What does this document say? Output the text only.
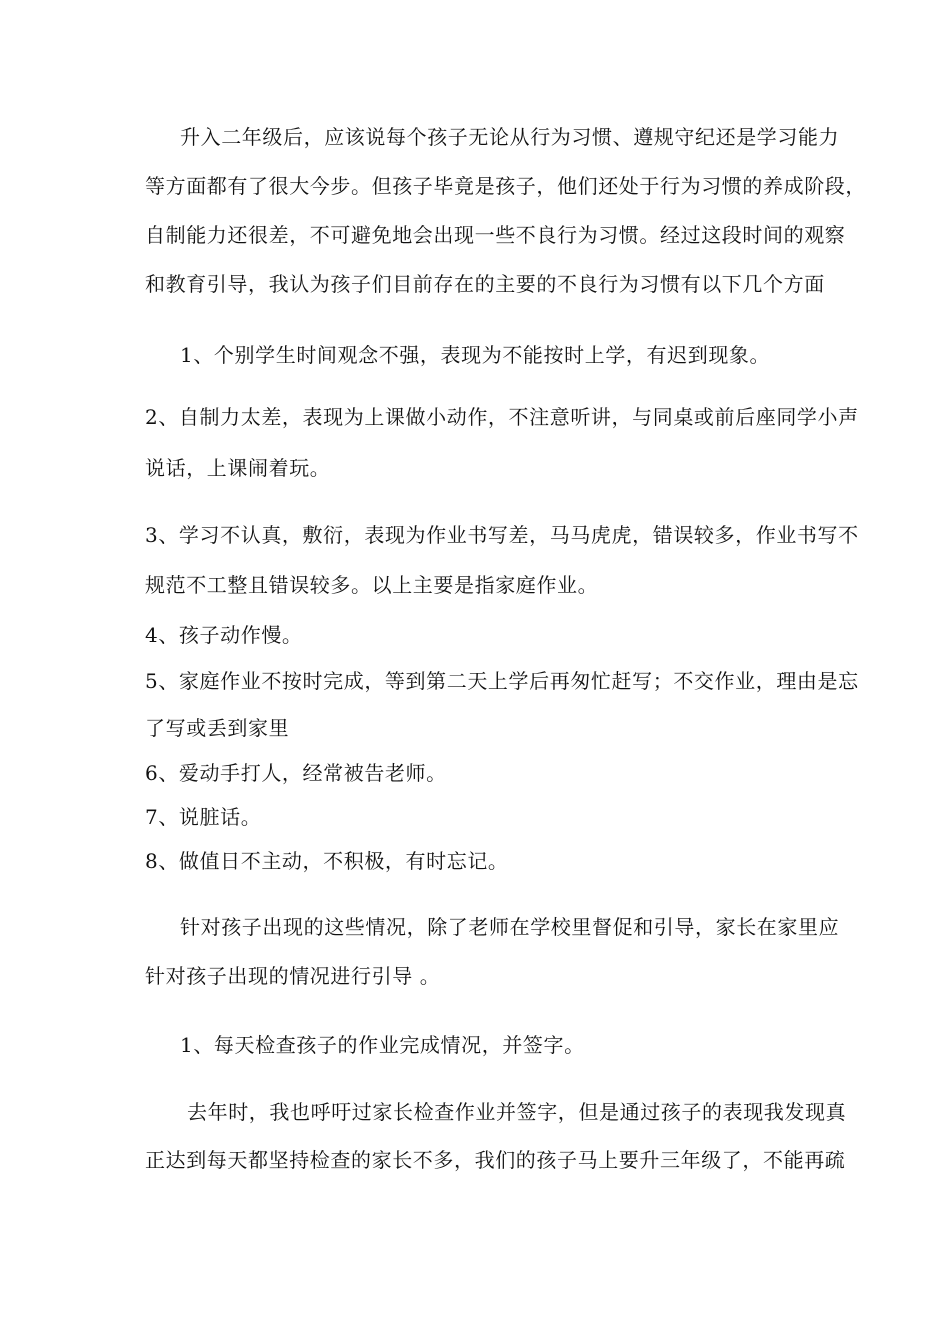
升入二年级后，应该说每个孩子无论从行为习惯、遵规守纪还是学习能力
等方面都有了很大今步。但孩子毕竟是孩子，他们还处于行为习惯的养成阶段，
自制能力还很差，不可避免地会出现一些不良行为习惯。经过这段时间的观察
和教育引导，我认为孩子们目前存在的主要的不良行为习惯有以下几个方面
1、个别学生时间观念不强，表现为不能按时上学，有迟到现象。
2、自制力太差，表现为上课做小动作，不注意听讲，与同桌或前后座同学小声
说话，上课闹着玩。
3、学习不认真，敷衍，表现为作业书写差，马马虎虎，错误较多，作业书写不
规范不工整且错误较多。以上主要是指家庭作业。
4、孩子动作慢。
5、家庭作业不按时完成，等到第二天上学后再匆忙赶写；不交作业，理由是忘
了写或丢到家里
6、爱动手打人，经常被告老师。
7、说脏话。
8、做值日不主动，不积极，有时忘记。
针对孩子出现的这些情况，除了老师在学校里督促和引导，家长在家里应
针对孩子出现的情况进行引导 。
1、每天检查孩子的作业完成情况，并签字。
去年时，我也呼吁过家长检查作业并签字，但是通过孩子的表现我发现真
正达到每天都坚持检查的家长不多，我们的孩子马上要升三年级了，不能再疏
